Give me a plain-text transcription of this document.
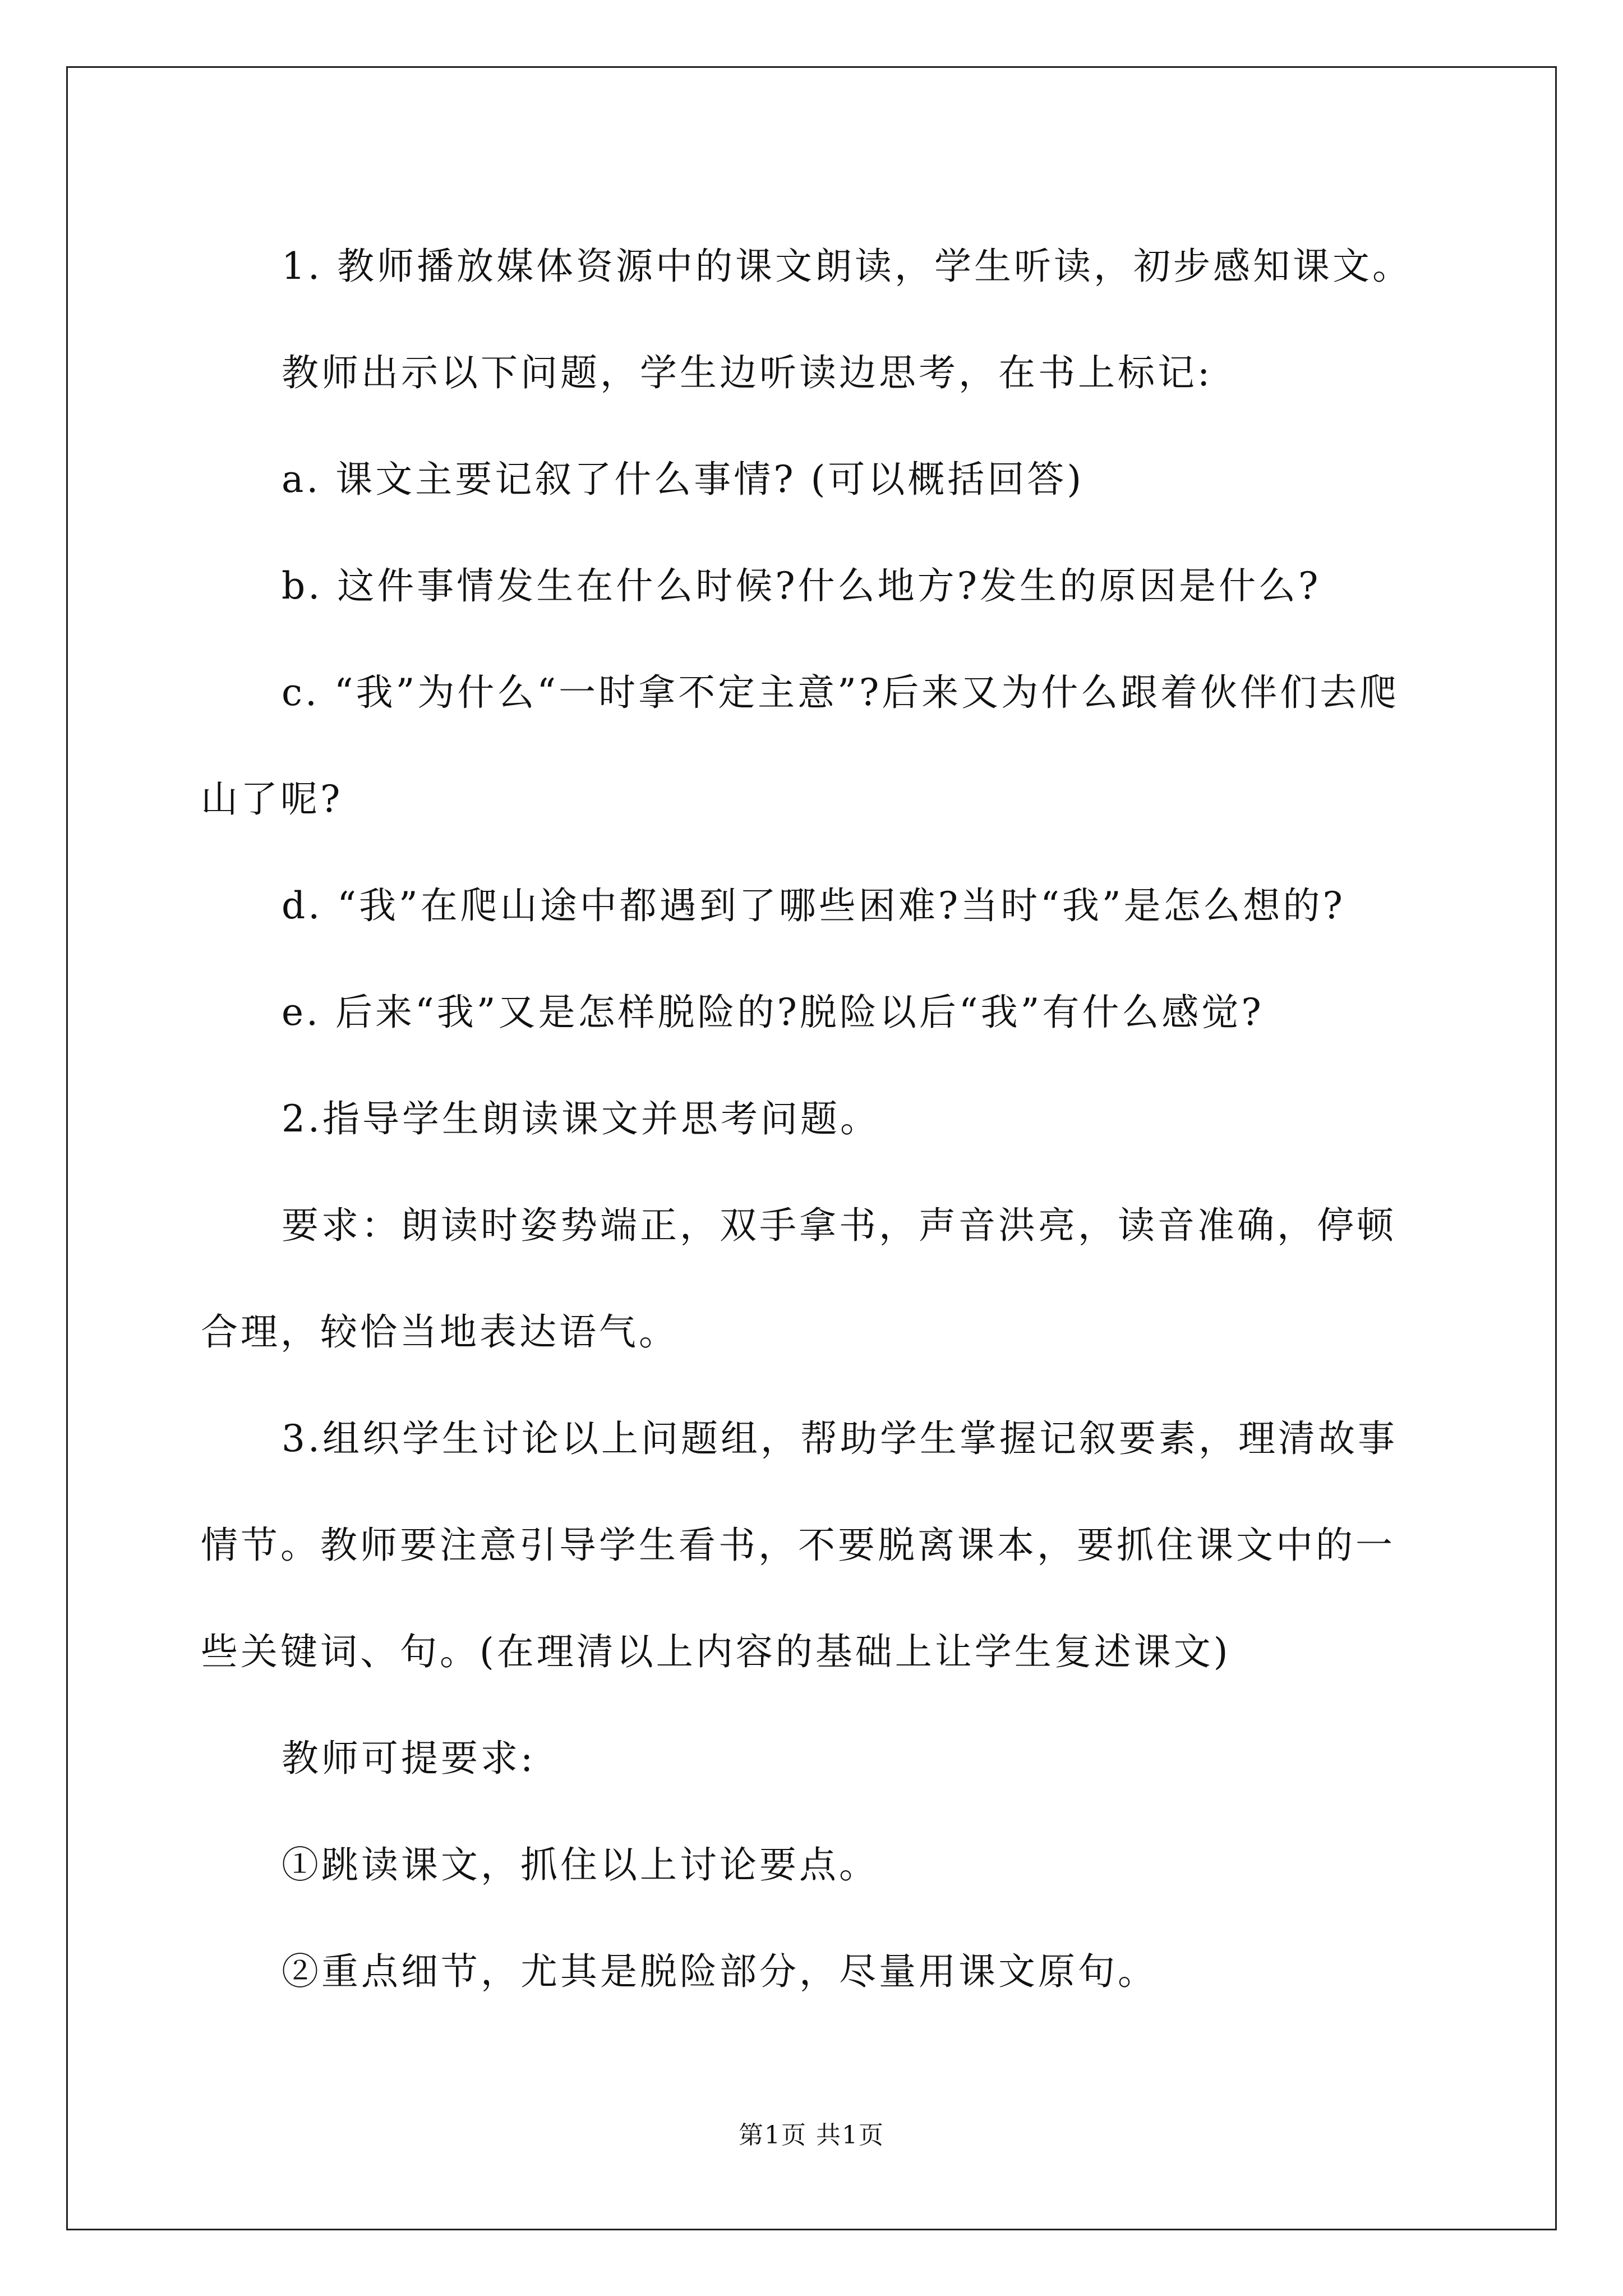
1. 教师播放媒体资源中的课文朗读，学生听读，初步感知课文。

教师出示以下问题，学生边听读边思考，在书上标记:

a. 课文主要记叙了什么事情? (可以概括回答)

b. 这件事情发生在什么时候?什么地方?发生的原因是什么?

c. “我”为什么“一时拿不定主意”?后来又为什么跟着伙伴们去爬山了呢?

d. “我”在爬山途中都遇到了哪些困难?当时“我”是怎么想的?

e. 后来“我”又是怎样脱险的?脱险以后“我”有什么感觉?

2.指导学生朗读课文并思考问题。

要求：朗读时姿势端正，双手拿书，声音洪亮，读音准确，停顿合理，较恰当地表达语气。

3.组织学生讨论以上问题组，帮助学生掌握记叙要素，理清故事情节。教师要注意引导学生看书，不要脱离课本，要抓住课文中的一些关键词、句。(在理清以上内容的基础上让学生复述课文)

教师可提要求:

①跳读课文，抓住以上讨论要点。

②重点细节，尤其是脱险部分，尽量用课文原句。

第1页 共1页
